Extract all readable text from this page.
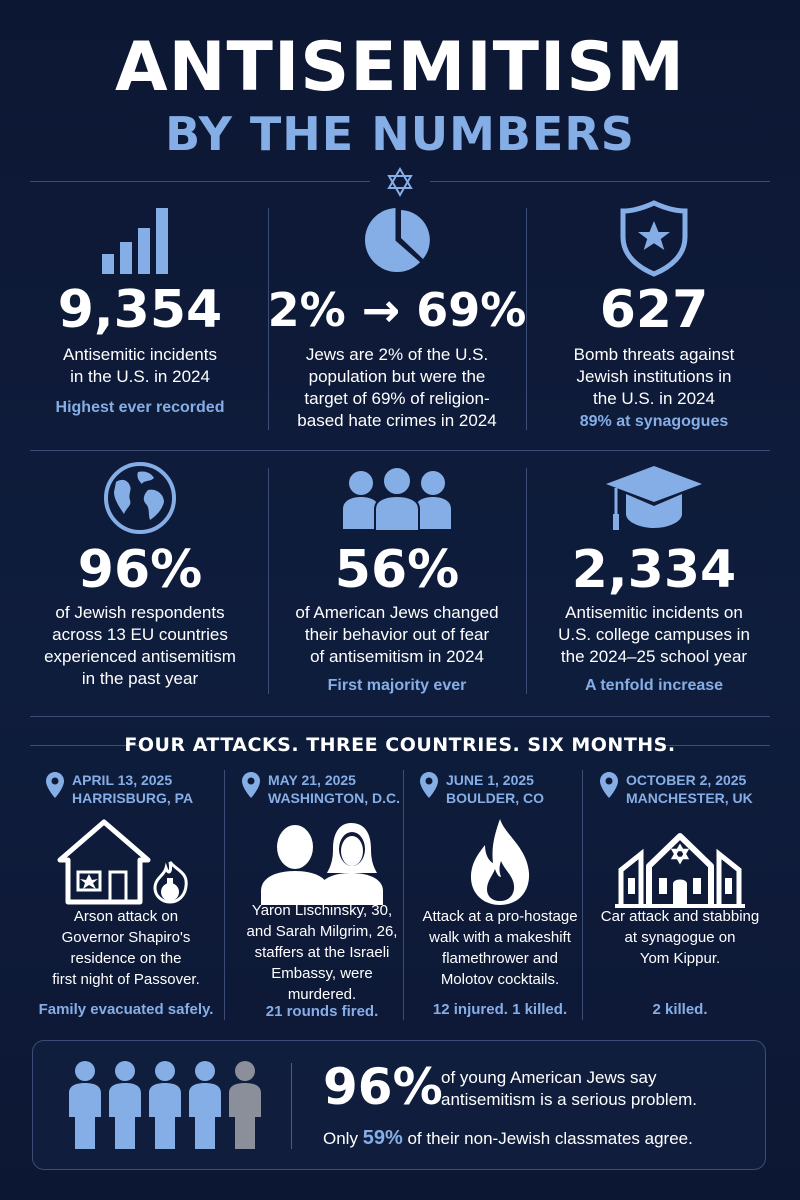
ANTISEMITISM
BY THE NUMBERS
9,354
Antisemitic incidents
in the U.S. in 2024
Highest ever recorded
2% → 69%
Jews are 2% of the U.S.
population but were the
target of 69% of religion-
based hate crimes in 2024
627
Bomb threats against
Jewish institutions in
the U.S. in 2024
89% at synagogues
96%
of Jewish respondents
across 13 EU countries
experienced antisemitism
in the past year
56%
of American Jews changed
their behavior out of fear
of antisemitism in 2024
First majority ever
2,334
Antisemitic incidents on
U.S. college campuses in
the 2024–25 school year
A tenfold increase
FOUR ATTACKS. THREE COUNTRIES. SIX MONTHS.
APRIL 13, 2025
HARRISBURG, PA
Arson attack on
Governor Shapiro's
residence on the
first night of Passover.
Family evacuated safely.
MAY 21, 2025
WASHINGTON, D.C.
Yaron Lischinsky, 30,
and Sarah Milgrim, 26,
staffers at the Israeli
Embassy, were
murdered.
21 rounds fired.
JUNE 1, 2025
BOULDER, CO
Attack at a pro-hostage
walk with a makeshift
flamethrower and
Molotov cocktails.
12 injured. 1 killed.
OCTOBER 2, 2025
MANCHESTER, UK
Car attack and stabbing
at synagogue on
Yom Kippur.
2 killed.
96%
of young American Jews say
antisemitism is a serious problem.
Only 59% of their non-Jewish classmates agree.
